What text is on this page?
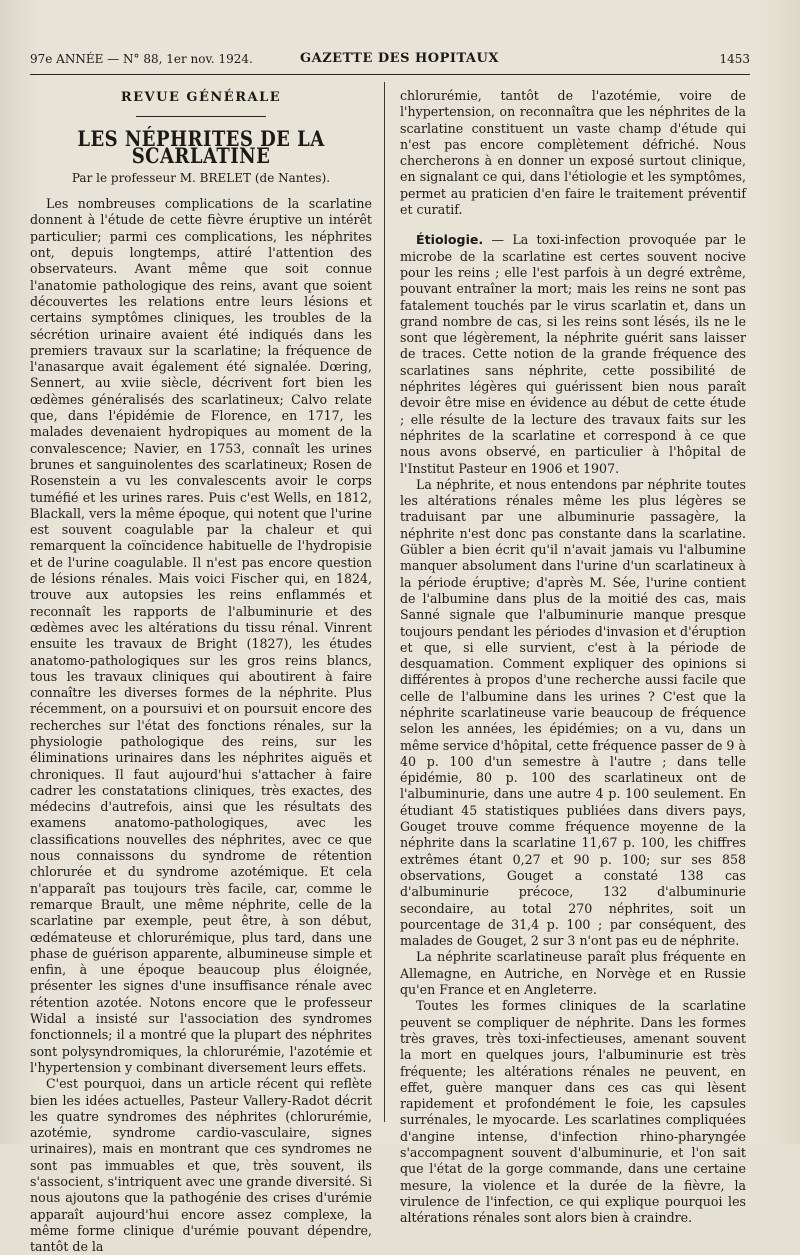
97e ANNÉE — N° 88, 1er nov. 1924.	GAZETTE DES HOPITAUX	1453
REVUE GÉNÉRALE
LES NÉPHRITES DE LA SCARLATINE
Par le professeur M. BRELET (de Nantes).

Les nombreuses complications de la scarlatine donnent à l'étude de cette fièvre éruptive un intérêt particulier; parmi ces complications, les néphrites ont, depuis longtemps, attiré l'attention des observateurs. Avant même que soit connue l'anatomie pathologique des reins, avant que soient découvertes les relations entre leurs lésions et certains symptômes cliniques, les troubles de la sécrétion urinaire avaient été indiqués dans les premiers travaux sur la scarlatine; la fréquence de l'anasarque avait également été signalée. Dœring, Sennert, au xviie siècle, décrivent fort bien les œdèmes généralisés des scarlatineux; Calvo relate que, dans l'épidémie de Florence, en 1717, les malades devenaient hydropiques au moment de la convalescence; Navier, en 1753, connaît les urines brunes et sanguinolentes des scarlatineux; Rosen de Rosenstein a vu les convalescents avoir le corps tuméfié et les urines rares. Puis c'est Wells, en 1812, Blackall, vers la même époque, qui notent que l'urine est souvent coagulable par la chaleur et qui remarquent la coïncidence habituelle de l'hydropisie et de l'urine coagulable. Il n'est pas encore question de lésions rénales. Mais voici Fischer qui, en 1824, trouve aux autopsies les reins enflammés et reconnaît les rapports de l'albuminurie et des œdèmes avec les altérations du tissu rénal. Vinrent ensuite les travaux de Bright (1827), les études anatomo-pathologiques sur les gros reins blancs, tous les travaux cliniques qui aboutirent à faire connaître les diverses formes de la néphrite. Plus récemment, on a poursuivi et on poursuit encore des recherches sur l'état des fonctions rénales, sur la physiologie pathologique des reins, sur les éliminations urinaires dans les néphrites aiguës et chroniques. Il faut aujourd'hui s'attacher à faire cadrer les constatations cliniques, très exactes, des médecins d'autrefois, ainsi que les résultats des examens anatomo-pathologiques, avec les classifications nouvelles des néphrites, avec ce que nous connaissons du syndrome de rétention chlorurée et du syndrome azotémique. Et cela n'apparaît pas toujours très facile, car, comme le remarque Brault, une même néphrite, celle de la scarlatine par exemple, peut être, à son début, œdémateuse et chlorurémique, plus tard, dans une phase de guérison apparente, albumineuse simple et enfin, à une époque beaucoup plus éloignée, présenter les signes d'une insuffisance rénale avec rétention azotée. Notons encore que le professeur Widal a insisté sur l'association des syndromes fonctionnels; il a montré que la plupart des néphrites sont polysyndromiques, la chlorurémie, l'azotémie et l'hypertension y combinant diversement leurs effets.

C'est pourquoi, dans un article récent qui reflète bien les idées actuelles, Pasteur Vallery-Radot décrit les quatre syndromes des néphrites (chlorurémie, azotémie, syndrome cardio-vasculaire, signes urinaires), mais en montrant que ces syndromes ne sont pas immuables et que, très souvent, ils s'associent, s'intriquent avec une grande diversité. Si nous ajoutons que la pathogénie des crises d'urémie apparaît aujourd'hui encore assez complexe, la même forme clinique d'urémie pouvant dépendre, tantôt de la

chlorurémie, tantôt de l'azotémie, voire de l'hypertension, on reconnaîtra que les néphrites de la scarlatine constituent un vaste champ d'étude qui n'est pas encore complètement défriché. Nous chercherons à en donner un exposé surtout clinique, en signalant ce qui, dans l'étiologie et les symptômes, permet au praticien d'en faire le traitement préventif et curatif.

Étiologie. — La toxi-infection provoquée par le microbe de la scarlatine est certes souvent nocive pour les reins ; elle l'est parfois à un degré extrême, pouvant entraîner la mort; mais les reins ne sont pas fatalement touchés par le virus scarlatin et, dans un grand nombre de cas, si les reins sont lésés, ils ne le sont que légèrement, la néphrite guérit sans laisser de traces. Cette notion de la grande fréquence des scarlatines sans néphrite, cette possibilité de néphrites légères qui guérissent bien nous paraît devoir être mise en évidence au début de cette étude ; elle résulte de la lecture des travaux faits sur les néphrites de la scarlatine et correspond à ce que nous avons observé, en particulier à l'hôpital de l'Institut Pasteur en 1906 et 1907.

La néphrite, et nous entendons par néphrite toutes les altérations rénales même les plus légères se traduisant par une albuminurie passagère, la néphrite n'est donc pas constante dans la scarlatine. Gübler a bien écrit qu'il n'avait jamais vu l'albumine manquer absolument dans l'urine d'un scarlatineux à la période éruptive; d'après M. Sée, l'urine contient de l'albumine dans plus de la moitié des cas, mais Sanné signale que l'albuminurie manque presque toujours pendant les périodes d'invasion et d'éruption et que, si elle survient, c'est à la période de desquamation. Comment expliquer des opinions si différentes à propos d'une recherche aussi facile que celle de l'albumine dans les urines ? C'est que la néphrite scarlatineuse varie beaucoup de fréquence selon les années, les épidémies; on a vu, dans un même service d'hôpital, cette fréquence passer de 9 à 40 p. 100 d'un semestre à l'autre ; dans telle épidémie, 80 p. 100 des scarlatineux ont de l'albuminurie, dans une autre 4 p. 100 seulement. En étudiant 45 statistiques publiées dans divers pays, Gouget trouve comme fréquence moyenne de la néphrite dans la scarlatine 11,67 p. 100, les chiffres extrêmes étant 0,27 et 90 p. 100; sur ses 858 observations, Gouget a constaté 138 cas d'albuminurie précoce, 132 d'albuminurie secondaire, au total 270 néphrites, soit un pourcentage de 31,4 p. 100 ; par conséquent, des malades de Gouget, 2 sur 3 n'ont pas eu de néphrite.

La néphrite scarlatineuse paraît plus fréquente en Allemagne, en Autriche, en Norvège et en Russie qu'en France et en Angleterre.

Toutes les formes cliniques de la scarlatine peuvent se compliquer de néphrite. Dans les formes très graves, très toxi-infectieuses, amenant souvent la mort en quelques jours, l'albuminurie est très fréquente; les altérations rénales ne peuvent, en effet, guère manquer dans ces cas qui lèsent rapidement et profondément le foie, les capsules surrénales, le myocarde. Les scarlatines compliquées d'angine intense, d'infection rhino-pharyngée s'accompagnent souvent d'albuminurie, et l'on sait que l'état de la gorge commande, dans une certaine mesure, la violence et la durée de la fièvre, la virulence de l'infection, ce qui explique pourquoi les altérations rénales sont alors bien à craindre.
